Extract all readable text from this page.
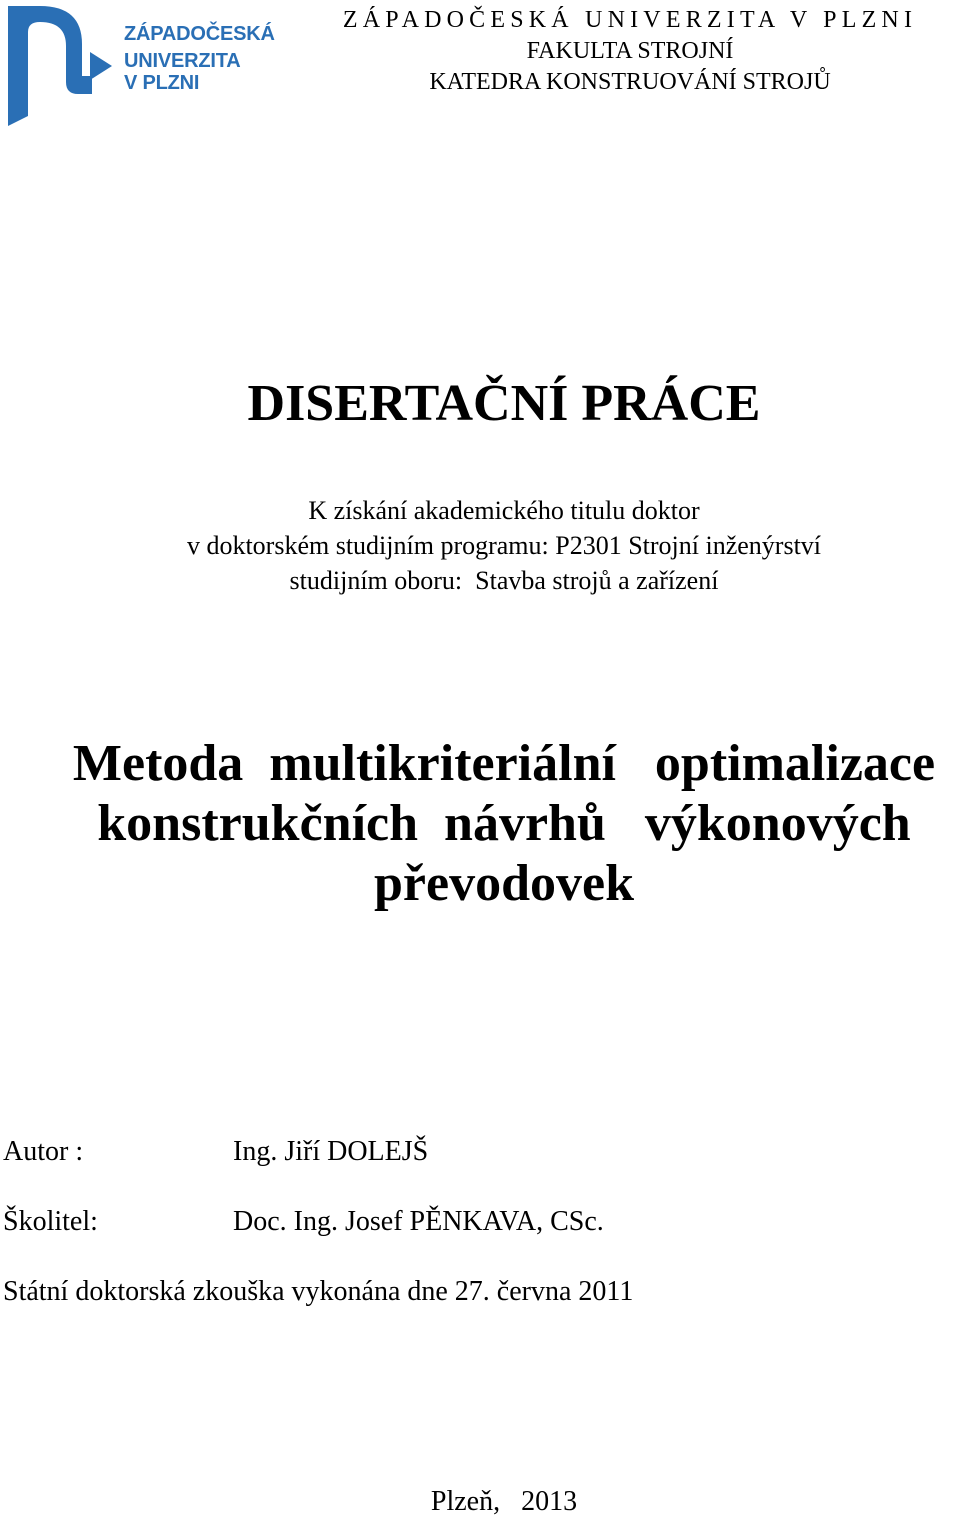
ZÁPADOČESKÁ
UNIVERZITA
V PLZNI
ZÁPADOČESKÁ UNIVERZITA V PLZNI
FAKULTA STROJNÍ
KATEDRA KONSTRUOVÁNÍ STROJŮ
DISERTAČNÍ PRÁCE
K získání akademického titulu doktor
v doktorském studijním programu: P2301 Strojní inženýrství
studijním oboru:  Stavba strojů a zařízení
Metoda  multikriteriální   optimalizace
konstrukčních  návrhů   výkonových
převodovek
Autor :	Ing. Jiří DOLEJŠ
Školitel:	Doc. Ing. Josef PĚNKAVA, CSc.
Státní doktorská zkouška vykonána dne 27. června 2011
Plzeň,   2013
